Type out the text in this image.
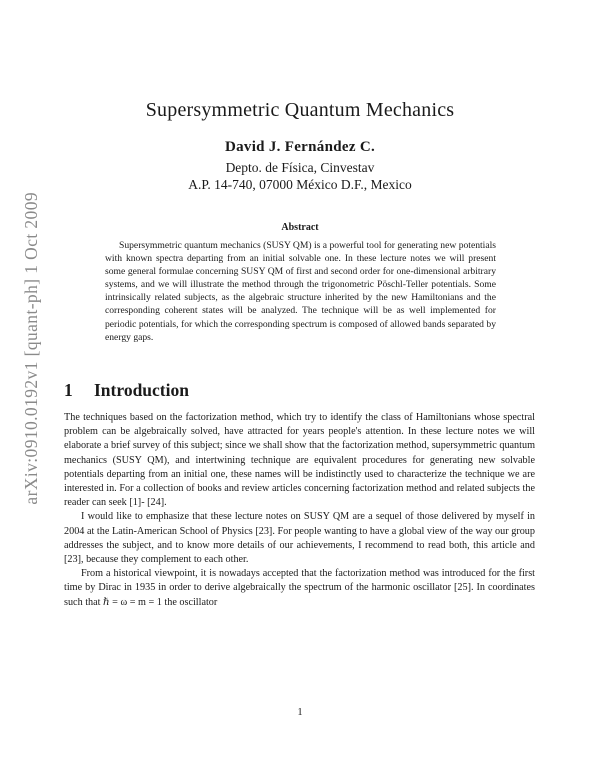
arXiv:0910.0192v1 [quant-ph] 1 Oct 2009
Supersymmetric Quantum Mechanics
David J. Fernández C.
Depto. de Física, Cinvestav
A.P. 14-740, 07000 México D.F., Mexico
Abstract

Supersymmetric quantum mechanics (SUSY QM) is a powerful tool for generating new potentials with known spectra departing from an initial solvable one. In these lecture notes we will present some general formulae concerning SUSY QM of first and second order for one-dimensional arbitrary systems, and we will illustrate the method through the trigonometric Pöschl-Teller potentials. Some intrinsically related subjects, as the algebraic structure inherited by the new Hamiltonians and the corresponding coherent states will be analyzed. The technique will be as well implemented for periodic potentials, for which the corresponding spectrum is composed of allowed bands separated by energy gaps.

1 Introduction

The techniques based on the factorization method, which try to identify the class of Hamiltonians whose spectral problem can be algebraically solved, have attracted for years people's attention. In these lecture notes we will elaborate a brief survey of this subject; since we shall show that the factorization method, supersymmetric quantum mechanics (SUSY QM), and intertwining technique are equivalent procedures for generating new solvable potentials departing from an initial one, these names will be indistinctly used to characterize the technique we are interested in. For a collection of books and review articles concerning factorization method and related subjects the reader can seek [1]- [24].

I would like to emphasize that these lecture notes on SUSY QM are a sequel of those delivered by myself in 2004 at the Latin-American School of Physics [23]. For people wanting to have a global view of the way our group addresses the subject, and to know more details of our achievements, I recommend to read both, this article and [23], because they complement to each other.

From a historical viewpoint, it is nowadays accepted that the factorization method was introduced for the first time by Dirac in 1935 in order to derive algebraically the spectrum of the harmonic oscillator [25]. In coordinates such that ℏ = ω = m = 1 the oscillator

1
